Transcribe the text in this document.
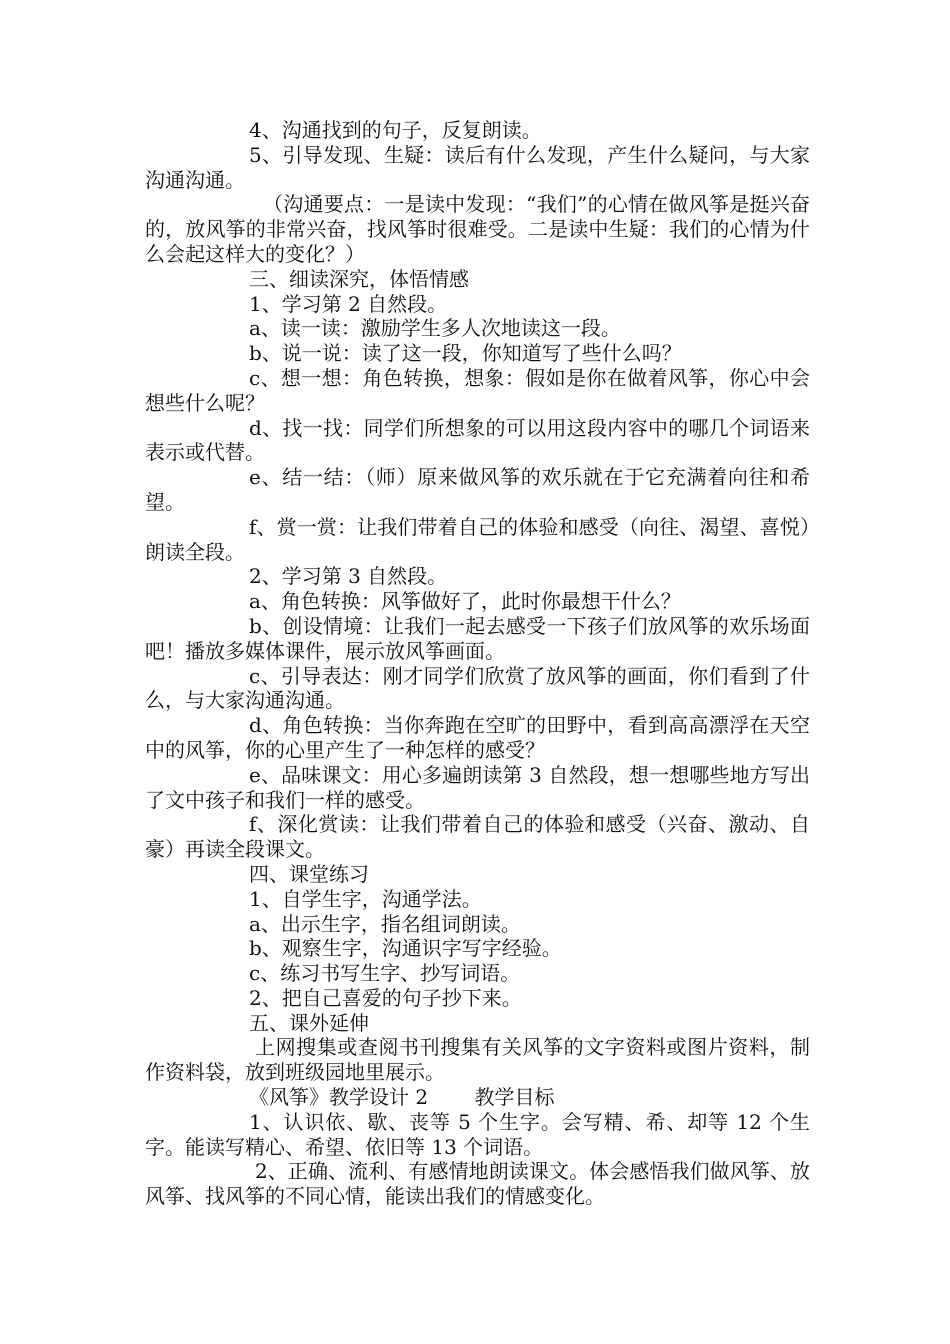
4、沟通找到的句子，反复朗读。

5、引导发现、生疑：读后有什么发现，产生什么疑问，与大家沟通沟通。

（沟通要点：一是读中发现：“我们”的心情在做风筝是挺兴奋的，放风筝的非常兴奋，找风筝时很难受。二是读中生疑：我们的心情为什么会起这样大的变化？）

三、细读深究，体悟情感

1、学习第 2 自然段。

a、读一读：激励学生多人次地读这一段。

b、说一说：读了这一段，你知道写了些什么吗？

c、想一想：角色转换，想象：假如是你在做着风筝，你心中会想些什么呢？

d、找一找：同学们所想象的可以用这段内容中的哪几个词语来表示或代替。

e、结一结：（师）原来做风筝的欢乐就在于它充满着向往和希望。

f、赏一赏：让我们带着自己的体验和感受（向往、渴望、喜悦）朗读全段。

2、学习第 3 自然段。

a、角色转换：风筝做好了，此时你最想干什么？

b、创设情境：让我们一起去感受一下孩子们放风筝的欢乐场面吧！播放多媒体课件，展示放风筝画面。

c、引导表达：刚才同学们欣赏了放风筝的画面，你们看到了什么，与大家沟通沟通。

d、角色转换：当你奔跑在空旷的田野中，看到高高漂浮在天空中的风筝，你的心里产生了一种怎样的感受？

e、品味课文：用心多遍朗读第 3 自然段，想一想哪些地方写出了文中孩子和我们一样的感受。

f、深化赏读：让我们带着自己的体验和感受（兴奋、激动、自豪）再读全段课文。

四、课堂练习

1、自学生字，沟通学法。

a、出示生字，指名组词朗读。

b、观察生字，沟通识字写字经验。

c、练习书写生字、抄写词语。

2、把自己喜爱的句子抄下来。

五、课外延伸

上网搜集或查阅书刊搜集有关风筝的文字资料或图片资料，制作资料袋，放到班级园地里展示。

《风筝》教学设计 2　　 教学目标

1、认识依、歇、丧等 5 个生字。会写精、希、却等 12 个生字。能读写精心、希望、依旧等 13 个词语。

2、正确、流利、有感情地朗读课文。体会感悟我们做风筝、放风筝、找风筝的不同心情，能读出我们的情感变化。
